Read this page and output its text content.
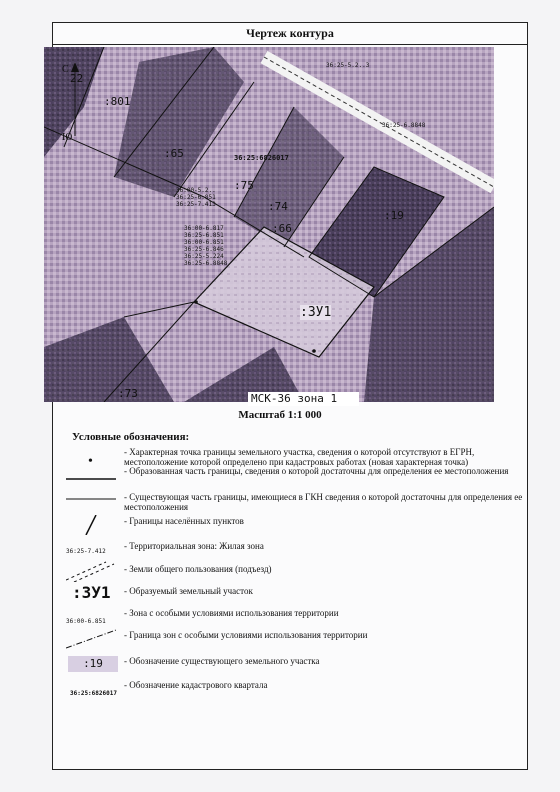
Чертеж контура
22
:801
:65
:75
:74
:66
:19
:73
:ЗУ1
36:25:6826017
36:25-5.2..3
36:25-6.8848
36:00-5.2..
36:25-6.851
36:25-7.413
36:00-6.817
36:25-6.851
36:00-6.851
36:25-6.846
36:25-5.224
36:25-6.8848
С
Ю
МСК-36 зона 1
Масштаб 1:1 000
Условные обозначения:
•
- Характерная точка границы земельного участка, сведения о которой отсутствуют в ЕГРН, местоположение которой определено при кадастровых работах (новая характерная точка)
- Образованная часть границы, сведения о которой достаточны для определения ее местоположения
- Существующая часть границы, имеющиеся в ГКН сведения о которой достаточны для определения ее местоположения
- Границы населённых пунктов
36:25-7.412
- Территориальная зона: Жилая зона
- Земли общего пользования (подъезд)
:ЗУ1 - Образуемый земельный участок
36:00-6.851
- Зона с особыми условиями использования территории
- Граница зон с особыми условиями использования территории
:19	- Обозначение существующего земельного участка
36:25:6826017
- Обозначение кадастрового квартала
